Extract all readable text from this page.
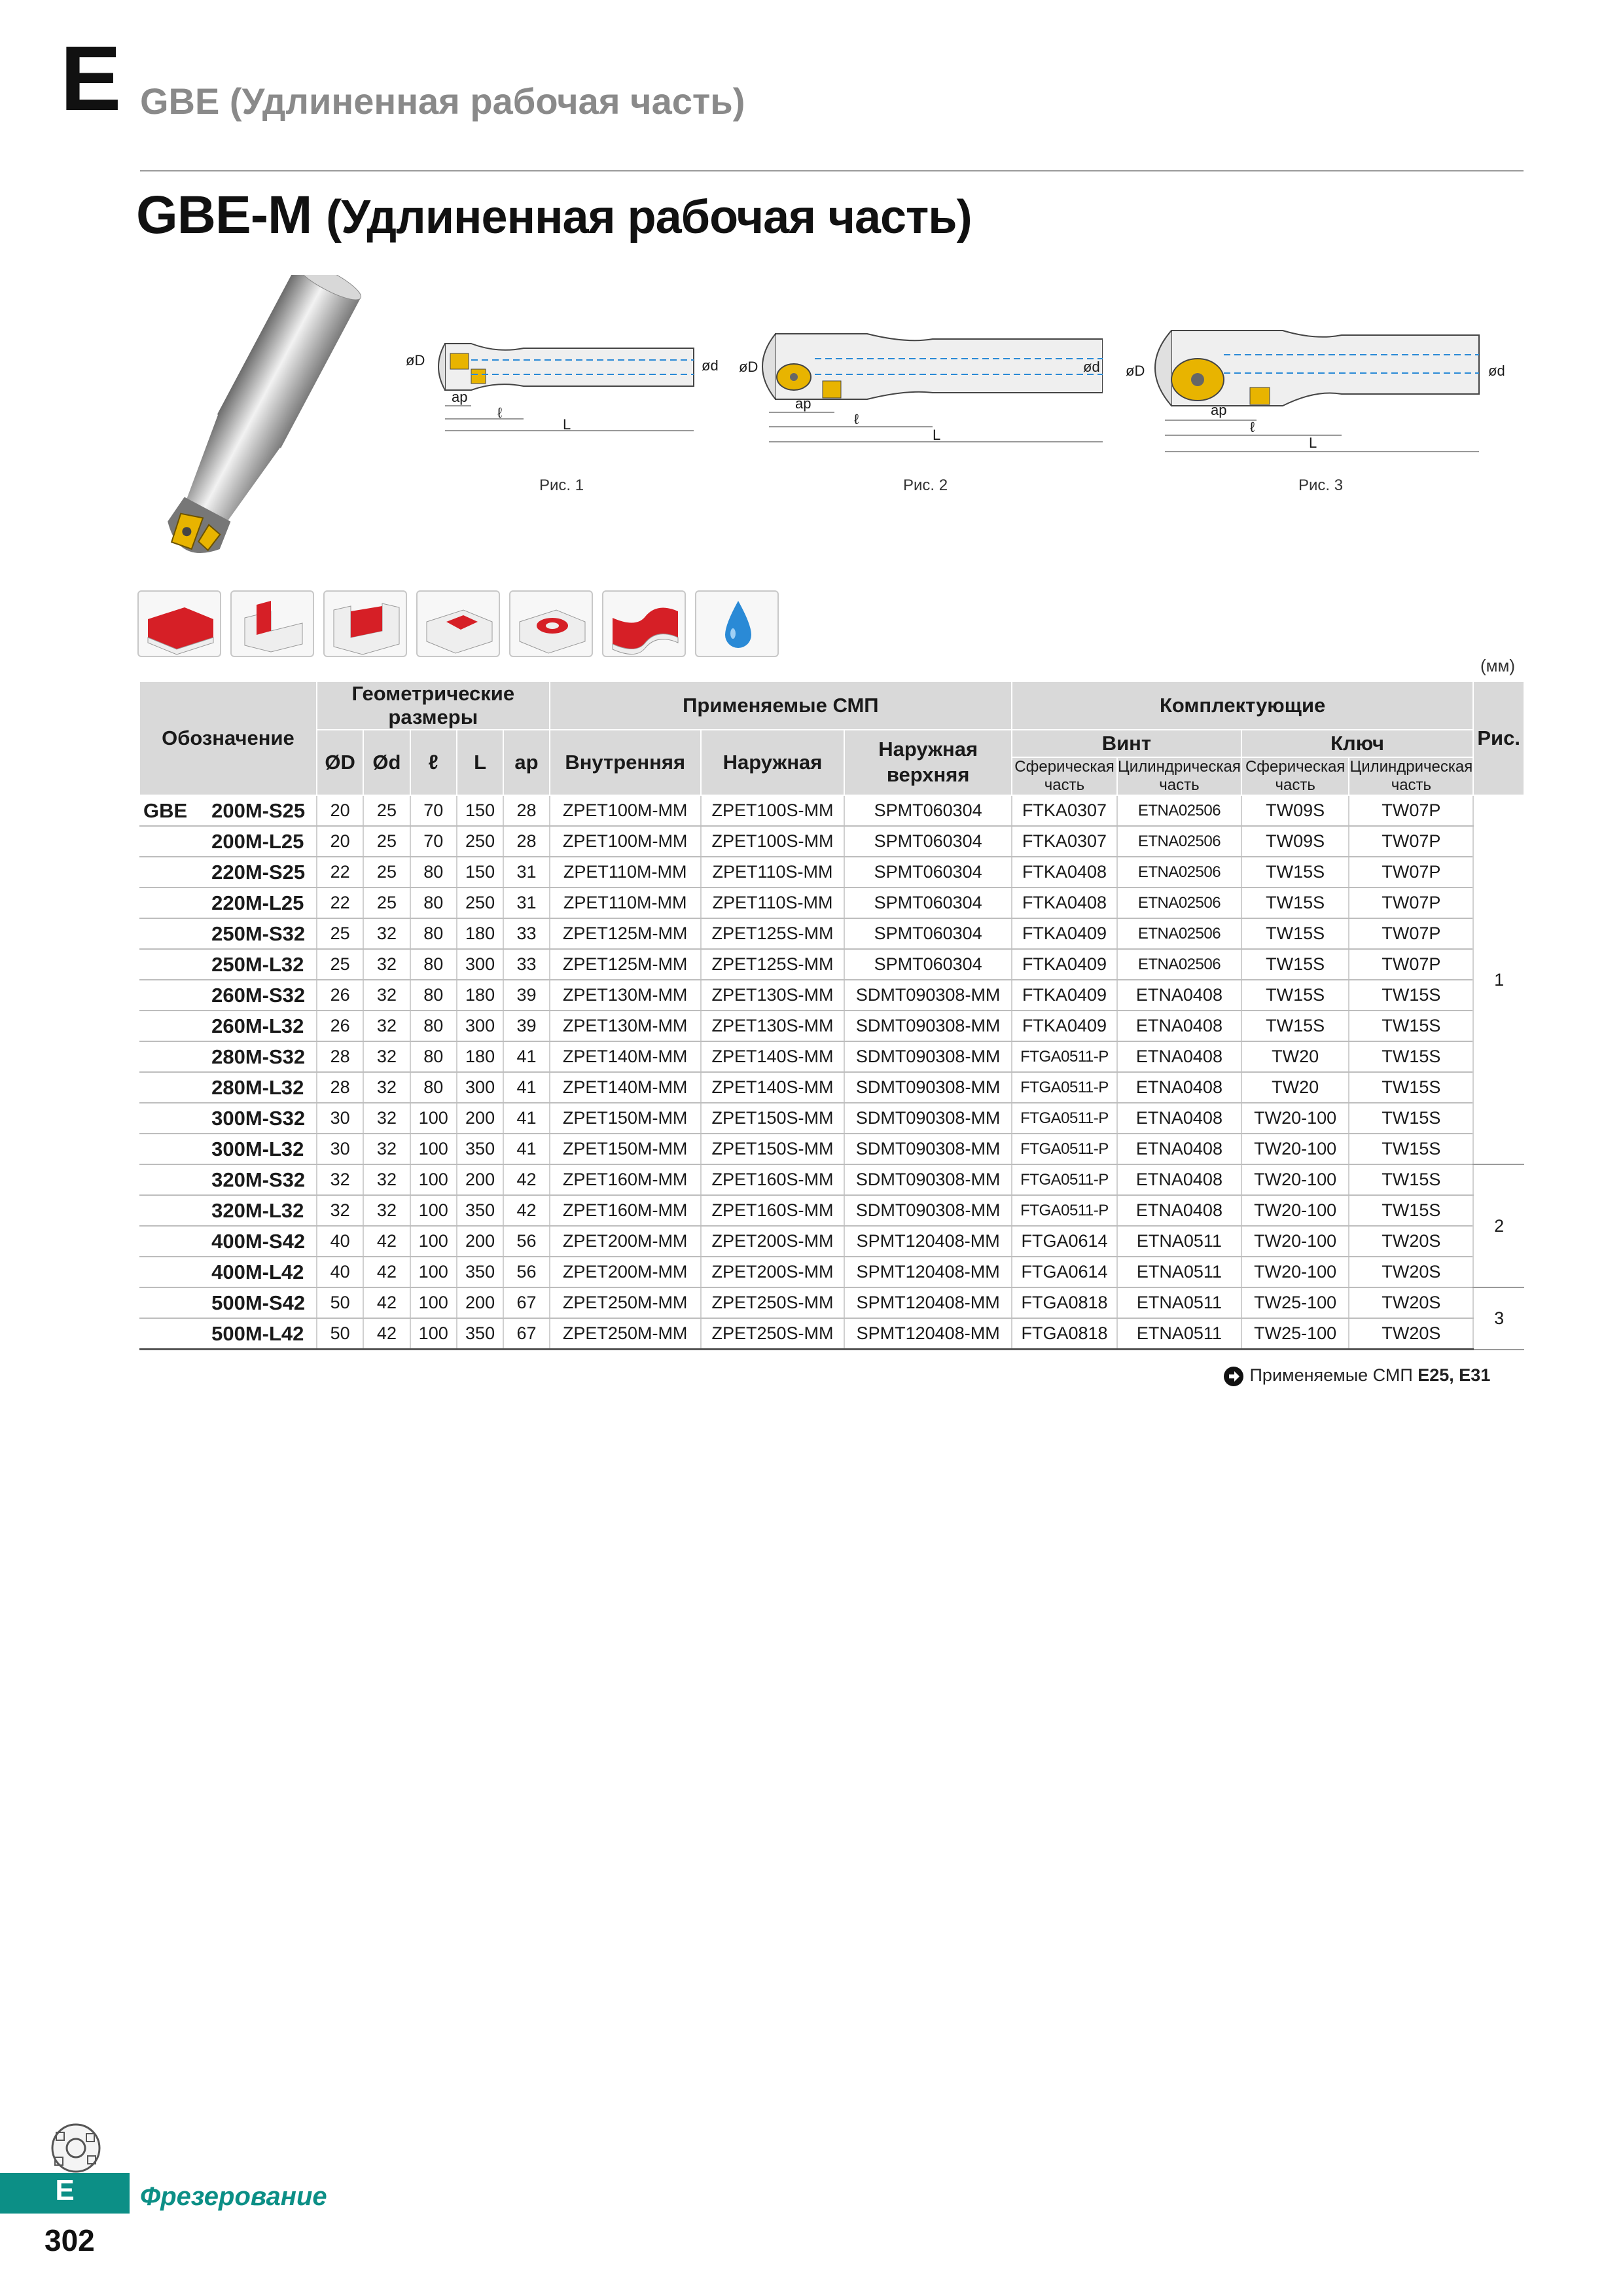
E GBE (Удлиненная рабочая часть)
GBE-M (Удлиненная рабочая часть)
øD	ød
ap
ℓ
L
Рис. 1
øD	ød
ap
ℓ
L
Рис. 2
øD	ød
ap
ℓ
L
Рис. 3
(мм)
Обозначение		Геометрические размеры					Применяемые СМП			Комплектующие				Рис.
		ØD	Ød	ℓ	L	ap	Внутренняя	Наружная	Наружная верхняя	Винт		Ключ		
										Сферическая часть	Цилиндрическая часть	Сферическая часть	Цилиндрическая часть	
GBE	200M-S25	20	25	70	150	28	ZPET100M-MM	ZPET100S-MM	SPMT060304	FTKA0307	ETNA02506	TW09S	TW07P	1
	200M-L25	20	25	70	250	28	ZPET100M-MM	ZPET100S-MM	SPMT060304	FTKA0307	ETNA02506	TW09S	TW07P	
	220M-S25	22	25	80	150	31	ZPET110M-MM	ZPET110S-MM	SPMT060304	FTKA0408	ETNA02506	TW15S	TW07P	
	220M-L25	22	25	80	250	31	ZPET110M-MM	ZPET110S-MM	SPMT060304	FTKA0408	ETNA02506	TW15S	TW07P	
	250M-S32	25	32	80	180	33	ZPET125M-MM	ZPET125S-MM	SPMT060304	FTKA0409	ETNA02506	TW15S	TW07P	
	250M-L32	25	32	80	300	33	ZPET125M-MM	ZPET125S-MM	SPMT060304	FTKA0409	ETNA02506	TW15S	TW07P	
	260M-S32	26	32	80	180	39	ZPET130M-MM	ZPET130S-MM	SDMT090308-MM	FTKA0409	ETNA0408	TW15S	TW15S	
	260M-L32	26	32	80	300	39	ZPET130M-MM	ZPET130S-MM	SDMT090308-MM	FTKA0409	ETNA0408	TW15S	TW15S	
	280M-S32	28	32	80	180	41	ZPET140M-MM	ZPET140S-MM	SDMT090308-MM	FTGA0511-P	ETNA0408	TW20	TW15S	
	280M-L32	28	32	80	300	41	ZPET140M-MM	ZPET140S-MM	SDMT090308-MM	FTGA0511-P	ETNA0408	TW20	TW15S	
	300M-S32	30	32	100	200	41	ZPET150M-MM	ZPET150S-MM	SDMT090308-MM	FTGA0511-P	ETNA0408	TW20-100	TW15S	
	300M-L32	30	32	100	350	41	ZPET150M-MM	ZPET150S-MM	SDMT090308-MM	FTGA0511-P	ETNA0408	TW20-100	TW15S	
	320M-S32	32	32	100	200	42	ZPET160M-MM	ZPET160S-MM	SDMT090308-MM	FTGA0511-P	ETNA0408	TW20-100	TW15S	2
	320M-L32	32	32	100	350	42	ZPET160M-MM	ZPET160S-MM	SDMT090308-MM	FTGA0511-P	ETNA0408	TW20-100	TW15S	
	400M-S42	40	42	100	200	56	ZPET200M-MM	ZPET200S-MM	SPMT120408-MM	FTGA0614	ETNA0511	TW20-100	TW20S	
	400M-L42	40	42	100	350	56	ZPET200M-MM	ZPET200S-MM	SPMT120408-MM	FTGA0614	ETNA0511	TW20-100	TW20S	
	500M-S42	50	42	100	200	67	ZPET250M-MM	ZPET250S-MM	SPMT120408-MM	FTGA0818	ETNA0511	TW25-100	TW20S	3
	500M-L42	50	42	100	350	67	ZPET250M-MM	ZPET250S-MM	SPMT120408-MM	FTGA0818	ETNA0511	TW25-100	TW20S	
Применяемые СМП E25, E31
E	Фрезерование
302
